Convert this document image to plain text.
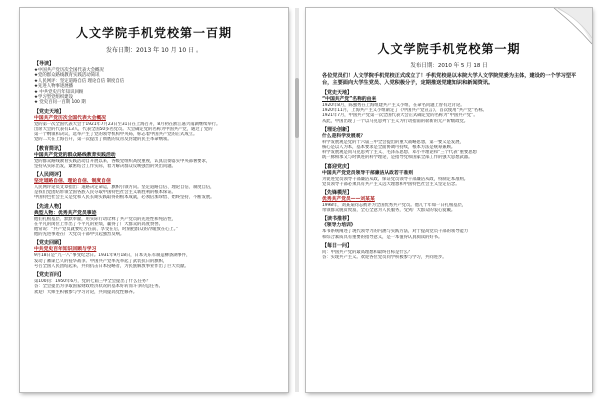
人文学院手机党校第一百期
发布日期：2013 年 10 月 10 日 。
【导读】
★中国共产党历次全国代表大会概况
★党的群众路线教育实践活动简讯
★人民网评：坚定道路自信 理论自信 制度自信
★先进人物事迹展播
★ 中共党史百年知识回顾
★学习型党组织建设
★ 党史百问一百期 100 期
【党史天地】
中国共产党历次全国代表大会概况
党的第一次全国代表大会于1921年7月23日至31日在上海召开，8月初在浙江嘉兴南湖继续举行。
出席大会的代表有13人，代表全国50多名党员。大会确定党的名称为中国共产党，通过了党的
第一个纲领和决议，选举产生了党的领导机构中央局，标志着中国共产党的正式成立。
党的二大在上海召开，第一次提出了彻底的反帝反封建的民主革命纲领。
【教育简讯】
中国共产党党的群众路线教育实践活动
党的群众路线教育实践活动自开展以来，各级党组织高度重视，认真贯彻落实中央部署要求，
坚持从实际出发，紧密结合工作实际，着力解决群众反映强烈的突出问题。
【人民网评】
坚定道路自信、理论自信、制度自信
人民网评论员文章指出：道路决定命运，旗帜引领方向。坚定道路自信、理论自信、制度自信，
是我们党团结带领全国各族人民夺取中国特色社会主义新胜利的根本保证。
中国特色社会主义是党和人民长期实践取得的根本成就，必须倍加珍惜、始终坚持、不断发展。
【先进人物】
典型人物：优秀共产党员事迹
他们扎根基层、默默奉献，用实际行动诠释了共产党员的先进性和纯洁性，
在平凡的岗位上作出了不平凡的业绩，赢得了广大群众的高度赞誉。
他常说：“共产党员就要吃苦在前、享受在后，时刻把群众的冷暖放在心上。”
他的先进事迹在广大党员干部中引起强烈反响。
【党史回顾】
中共党史百年知识回顾与学习
9月18日是“九一八”事变纪念日。1931年9月18日，日本关东军制造柳条湖事件，
发动了蓄谋已久的侵华战争。中国共产党率先举起了武装抗日的旗帜，
号召全国人民团结起来，共同抗击日本侵略者，为民族解放事业作出了巨大贡献。
【党史百问】
第100问：1950年6月，党的七届三中全会提出了什么任务？
答：全会提出为争取国家财政经济状况的基本好转而斗争的总任务。
欢迎广大师生积极参与学习讨论，共同提高党性修养。
人文学院手机党校第一期
发布日期：2010 年 5 月 18 日
各位党员们！人文学院手机党校正式成立了！手机党校是以本院大学人文学院党委为主体，建设的一个学习型平台，主要面向大学生党员、入党积极分子，定期推送党建知识和新闻资讯。
【党史天地】
“中国共产党”名称的由来
1920年8月，陈独秀在上海组建共产主义小组，在命名问题上曾有过讨论。
1920年11月，上海共产主义小组制定了《中国共产党宣言》，首次使用“共产党”名称。
1921年7月，中国共产党第一次全国代表大会正式确定党的名称为“中国共产党”。
从此，中国出现了一个以马克思列宁主义为行动指南的崭新的无产阶级政党。
【理论创新】
什么是科学发展观？
科学发展观是党的十六届三中全会提出的重大战略思想，第一要义是发展，
核心是以人为本，基本要求是全面协调可持续，根本方法是统筹兼顾。
科学发展观是同马克思列宁主义、毛泽东思想、邓小平理论和“三个代表”重要思想
既一脉相承又与时俱进的科学理论，是指导党和国家全部工作的强大思想武器。
【喜迎党庆】
中国共产党党员领导干部廉洁从政若干准则
为促进党员领导干部廉洁从政，保证党员领导干部廉洁从政，特制定本准则。
党员领导干部必须具有共产主义远大理想和中国特色社会主义坚定信念。
【先锋模范】
优秀共产党员——刘某某
1998年，刘某某同志被评为全国优秀共产党员。他几十年如一日扎根基层，
带领群众脱贫致富，全心全意为人民服务，受到广大群众的衷心爱戴。
【读书推荐】
《领导力培训》
本书系统阐述了现代领导力的内涵与实践方法，对于提高党员干部的领导能力
和综合素质具有重要的指导意义，是一本值得认真阅读的好书。
【每日一问】
问：中国共产党的最高理想和最终目标是什么？
答：实现共产主义。欢迎各位党员同学积极参与学习，共同进步。
